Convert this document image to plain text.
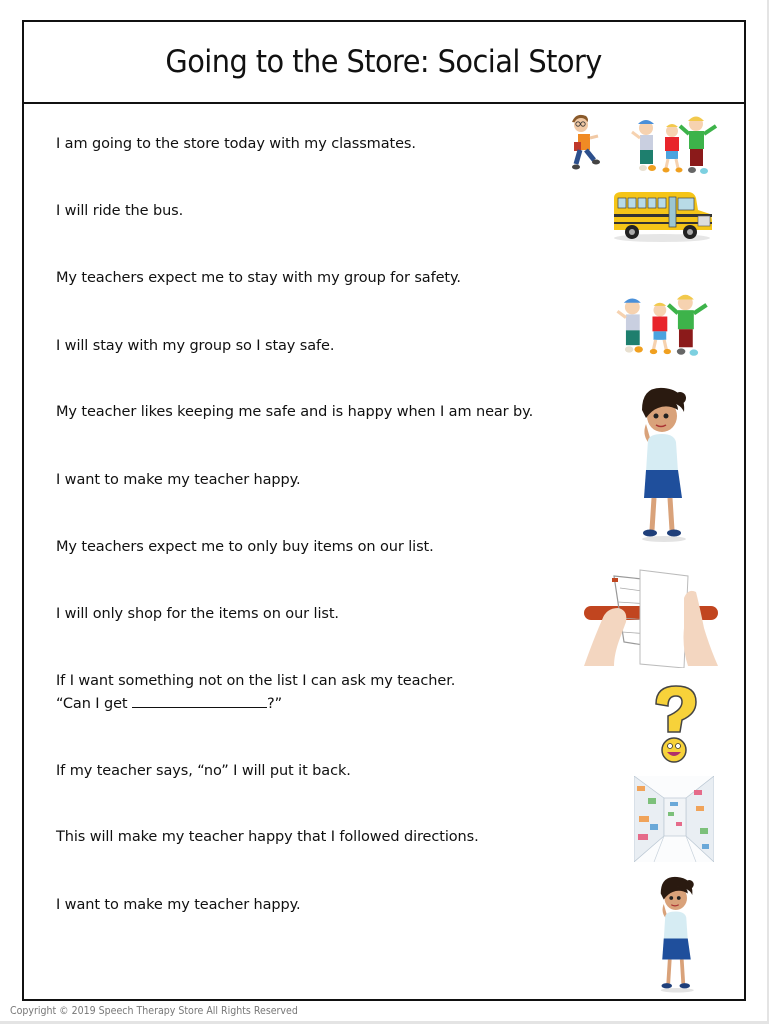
Going to the Store: Social Story
I am going to the store today with my classmates.
I will ride the bus.
My teachers expect me to stay with my group for safety.
I will stay with my group so I stay safe.
My teacher likes keeping me safe and is happy when I am near by.
I want to make my teacher happy.
My teachers expect me to only buy items on our list.
I will only shop for the items on our list.
If I want something not on the list I can ask my teacher.
“Can I get	?”
If my teacher says, “no” I will put it back.
This will make my teacher happy that I followed directions.
I want to make my teacher happy.
Copyright © 2019 Speech Therapy Store All Rights Reserved
